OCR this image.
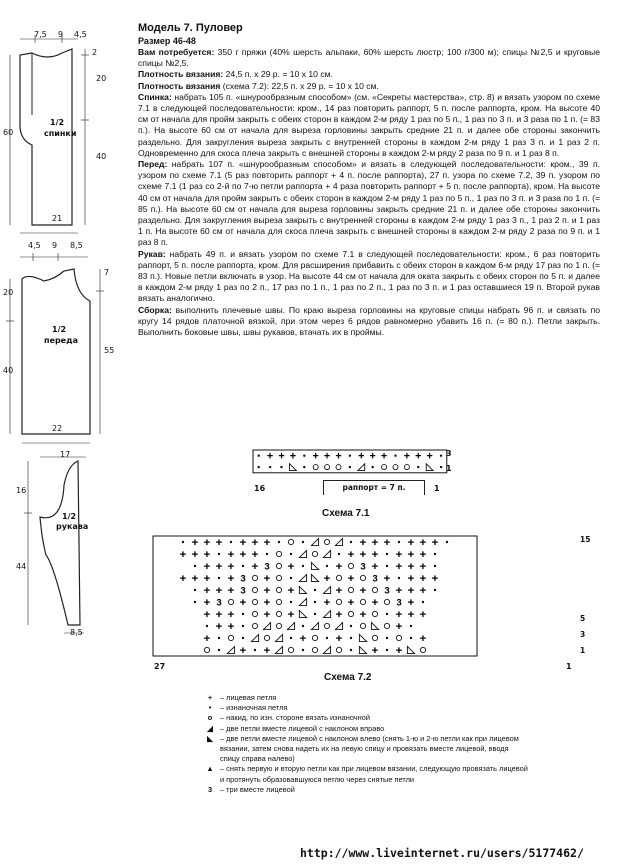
7,5 9 4,5
2
20
40
60
21
1/2
спинки
4,5 9 8,5
7
55
20
40
22
1/2
переда
17
16
44
8,5
1/2
рукава
Модель 7. Пуловер
Размер 46-48

Вам потребуется: 350 г пряжи (40% шерсть альпаки, 60% шерсть люстр; 100 г/300 м); спицы №2,5 и круговые спицы №2,5.

Плотность вязания: 24,5 п. х 29 р. = 10 х 10 см.

Плотность вязания (схема 7.2): 22,5 п. х 29 р. = 10 х 10 см.

Спинка: набрать 105 п. «шнурообразным способом» (см. «Секреты мастерства», стр. 8) и вязать узором по схеме 7.1 в следующей последовательности: кром., 14 раз повторить раппорт, 5 п. после раппорта, кром. На высоте 40 см от начала для пройм закрыть с обеих сторон в каждом 2-м ряду 1 раз по 5 п., 1 раз по 3 п. и 3 раза по 1 п. (= 83 п.). На высоте 60 см от начала для выреза горловины закрыть средние 21 п. и далее обе стороны закончить раздельно. Для закругления выреза закрыть с внутренней стороны в каждом 2-м ряду 1 раз 3 п. и 1 раз 2 п. Одновременно для скоса плеча закрыть с внешней стороны в каждом 2-м ряду 2 раза по 9 п. и 1 раз 8 п.

Перед: набрать 107 п. «шнурообразным способом» и вязать в следующей последовательности: кром., 39 п. узором по схеме 7.1 (5 раз повторить раппорт + 4 п. после раппорта), 27 п. узора по схеме 7.2, 39 п. узором по схеме 7.1 (1 раз со 2-й по 7-ю петли раппорта + 4 раза повторить раппорт + 5 п. после раппорта), кром. На высоте 40 см от начала для пройм закрыть с обеих сторон в каждом 2-м ряду 1 раз по 5 п., 1 раз по 3 п. и 3 раза по 1 п. (= 85 п.). На высоте 60 см от начала для выреза горловины закрыть средние 21 п. и далее обе стороны закончить раздельно. Для закругления выреза закрыть с внутренней стороны в каждом 2-м ряду 1 раз 3 п., 1 раз 2 п. и 1 раз 1 п. На высоте 60 см от начала для скоса плеча закрыть с внешней стороны в каждом 2-м ряду 2 раза по 9 п. и 1 раз 8 п.

Рукав: набрать 49 п. и вязать узором по схеме 7.1 в следующей последовательности: кром., 6 раз повторить раппорт, 5 п. после раппорта, кром. Для расширения прибавить с обеих сторон в каждом 6-м ряду 17 раз по 1 п. (= 83 п.). Новые петли включать в узор. На высоте 44 см от начала для оката закрыть с обеих сторон по 5 п. и далее в каждом 2-м ряду 1 раз по 2 п., 17 раз по 1 п., 1 раз по 2 п., 1 раз по 3 п. и 1 раз оставшиеся 19 п. Второй рукав вязать аналогично.

Сборка: выполнить плечевые швы. По краю выреза горловины на круговые спицы набрать 96 п. и связать по кругу 14 рядов платочной вязкой, при этом через 6 рядов равномерно убавить 16 п. (= 80 п.). Петли закрыть. Выполнить боковые швы, швы рукавов, втачать их в проймы.

+ + + + + + + + + + + + 3
1
16	1
раппорт = 7 п.
Схема 7.1
+ + + + + +	+ + + + + +
+ + + + + +	+ + + + + +
+ + + + 3 +	+ 3 + + + +
+ + + + 3 +	+ + 3 + + + +
+ + + 3 + +	+ + 3 + + +
+ 3 + +	+ + + 3 +
+ + +	+ +	+ +	+ + +
+ +	+
+	+	+	+
+ +	+ +
15
5
3
1
27	1
Схема 7.2
+	– лицевая петля
•	– изнаночная петля
o	– накид, по изн. стороне вязать изнаночной
◢ – две петли вместе лицевой с наклоном вправо
◣ – две петли вместе лицевой с наклоном влево (снять 1-ю и 2-ю петли как при лицевом вязании, затем снова надеть их на левую спицу и провязать вместе лицевой, вводя спицу справа налево)
▲ – снять первую и вторую петли как при лицевом вязании, следующую провязать лицевой и протянуть образовавшуюся петлю через снятые петли
3	– три вместе лицевой
http://www.liveinternet.ru/users/5177462/
